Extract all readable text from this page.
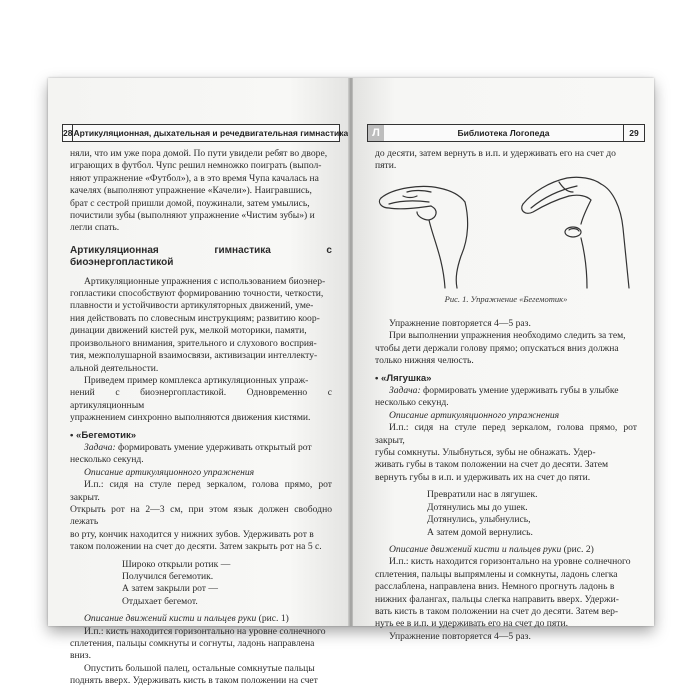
28 Артикуляционная, дыхательная и речедвигательная гимнастика

няли, что им уже пора домой. По пути увидели ребят во дворе,

играющих в футбол. Чупс решил немножко поиграть (выпол-

няют упражнение «Футбол»), а в это время Чупа качалась на

качелях (выполняют упражнение «Качели»). Наигравшись,

брат с сестрой пришли домой, поужинали, затем умылись,

почистили зубы (выполняют упражнение «Чистим зубы») и

легли спать.

Артикуляционная гимнастика с биоэнергопластикой

Артикуляционные упражнения с использованием биоэнер-

гопластики способствуют формированию точности, четкости,

плавности и устойчивости артикуляторных движений, уме-

ния действовать по словесным инструкциям; развитию коор-

динации движений кистей рук, мелкой моторики, памяти,

произвольного внимания, зрительного и слухового восприя-

тия, межполушарной взаимосвязи, активизации интеллекту-

альной деятельности.

Приведем пример комплекса артикуляционных упраж-

нений с биоэнергопластикой. Одновременно с артикуляционным

упражнением синхронно выполняются движения кистями.

• «Бегемотик»

Задача: формировать умение удерживать открытый рот

несколько секунд.

Описание артикуляционного упражнения

И.п.: сидя на стуле перед зеркалом, голова прямо, рот закрыт.

Открыть рот на 2—3 см, при этом язык должен свободно лежать

во рту, кончик находится у нижних зубов. Удерживать рот в

таком положении на счет до десяти. Затем закрыть рот на 5 с.

Широко открыли ротик —

Получился бегемотик.

А затем закрыли рот —

Отдыхает бегемот.

Описание движений кисти и пальцев руки (рис. 1)

И.п.: кисть находится горизонтально на уровне солнечного

сплетения, пальцы сомкнуты и согнуты, ладонь направлена

вниз.

Опустить большой палец, остальные сомкнутые пальцы

поднять вверх. Удерживать кисть в таком положении на счет

Л	Библиотека Логопеда	29

до десяти, затем вернуть в и.п. и удерживать его на счет до

пяти.

Рис. 1. Упражнение «Бегемотик»

Упражнение повторяется 4—5 раз.

При выполнении упражнения необходимо следить за тем,

чтобы дети держали голову прямо; опускаться вниз должна

только нижняя челюсть.

• «Лягушка»

Задача: формировать умение удерживать губы в улыбке

несколько секунд.

Описание артикуляционного упражнения

И.п.: сидя на стуле перед зеркалом, голова прямо, рот закрыт,

губы сомкнуты. Улыбнуться, зубы не обнажать. Удер-

живать губы в таком положении на счет до десяти. Затем

вернуть губы в и.п. и удерживать их на счет до пяти.

Превратили нас в лягушек.

Дотянулись мы до ушек.

Дотянулись, улыбнулись,

А затем домой вернулись.

Описание движений кисти и пальцев руки (рис. 2)

И.п.: кисть находится горизонтально на уровне солнечного

сплетения, пальцы выпрямлены и сомкнуты, ладонь слегка

расслаблена, направлена вниз. Немного прогнуть ладонь в

нижних фалангах, пальцы слегка направить вверх. Удержи-

вать кисть в таком положении на счет до десяти. Затем вер-

нуть ее в и.п. и удерживать его на счет до пяти.

Упражнение повторяется 4—5 раз.
